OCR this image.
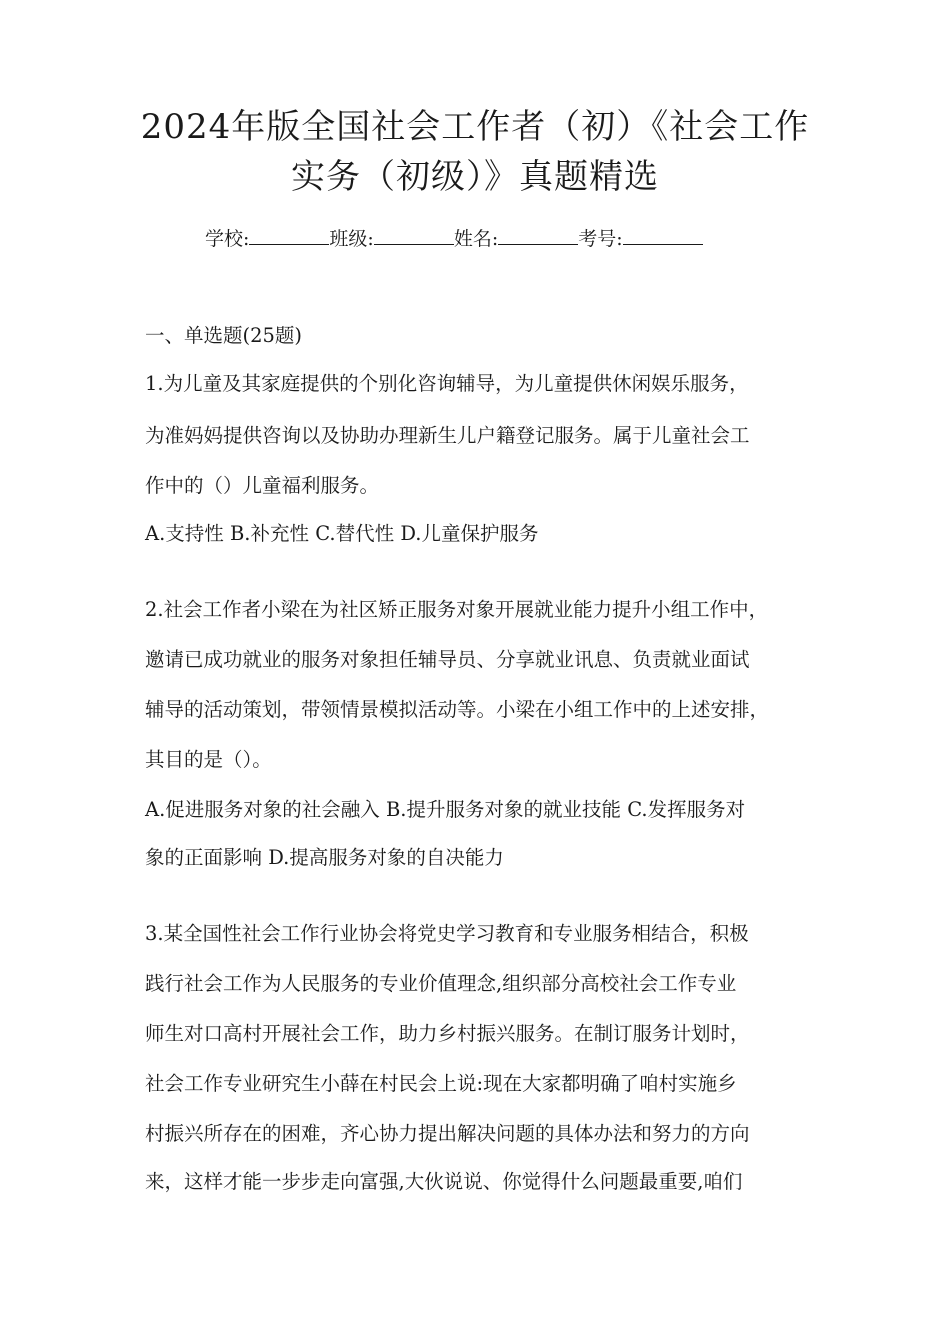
2024年版全国社会工作者（初）《社会工作
实务（初级）》真题精选
学校:	班级:	姓名:	考号:

一、单选题(25题)

1.为儿童及其家庭提供的个别化咨询辅导，为儿童提供休闲娱乐服务，

为准妈妈提供咨询以及协助办理新生儿户籍登记服务。属于儿童社会工

作中的（）儿童福利服务。

A.支持性 B.补充性 C.替代性 D.儿童保护服务

2.社会工作者小梁在为社区矫正服务对象开展就业能力提升小组工作中，

邀请已成功就业的服务对象担任辅导员、分享就业讯息、负责就业面试

辅导的活动策划，带领情景模拟活动等。小梁在小组工作中的上述安排，

其目的是（）。

A.促进服务对象的社会融入 B.提升服务对象的就业技能 C.发挥服务对

象的正面影响 D.提高服务对象的自决能力

3.某全国性社会工作行业协会将党史学习教育和专业服务相结合，积极

践行社会工作为人民服务的专业价值理念,组织部分高校社会工作专业

师生对口高村开展社会工作，助力乡村振兴服务。在制订服务计划时，

社会工作专业研究生小薛在村民会上说:现在大家都明确了咱村实施乡

村振兴所存在的困难，齐心协力提出解决问题的具体办法和努力的方向

来，这样才能一步步走向富强,大伙说说、你觉得什么问题最重要,咱们
